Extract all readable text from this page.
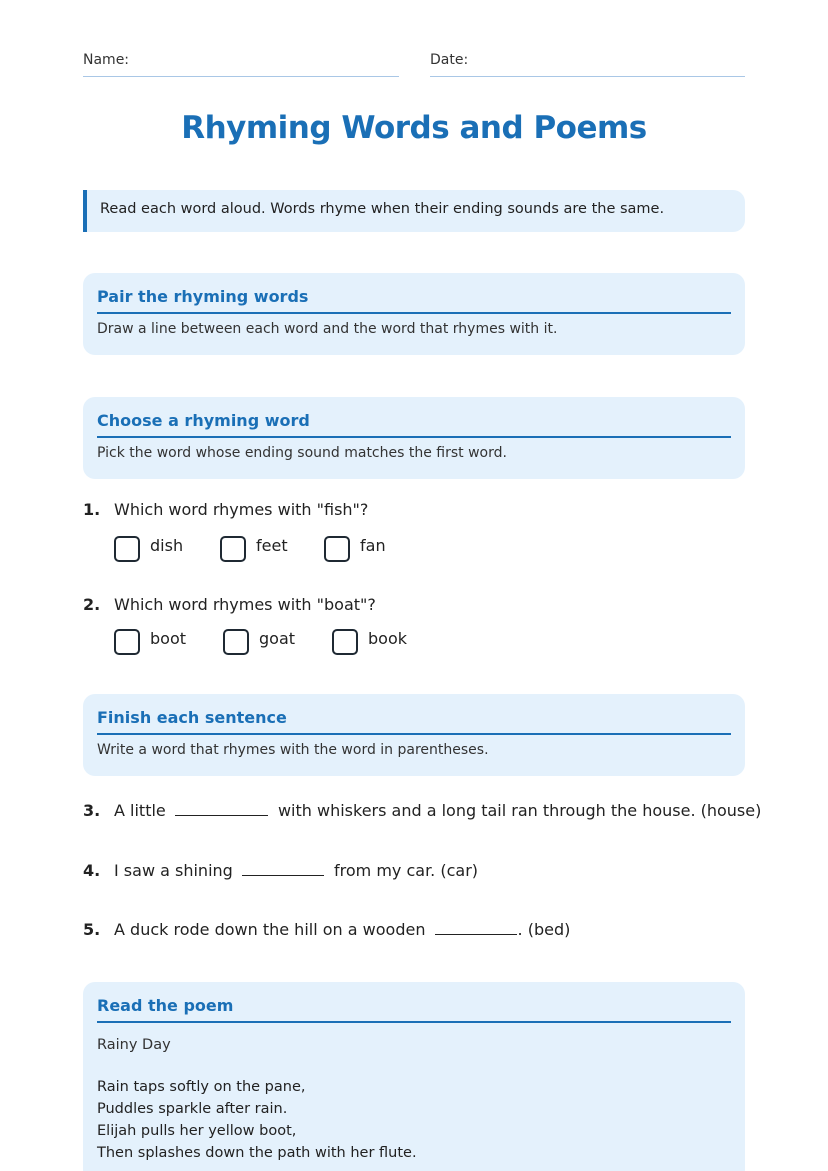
Name:	Date:
Rhyming Words and Poems
Read each word aloud. Words rhyme when their ending sounds are the same.
Pair the rhyming words
Draw a line between each word and the word that rhymes with it.
Choose a rhyming word
Pick the word whose ending sound matches the first word.
1. Which word rhymes with "fish"?
dish	feet	fan
2. Which word rhymes with "boat"?
boot	goat	book
Finish each sentence
Write a word that rhymes with the word in parentheses.
3. A little	with whiskers and a long tail ran through the house. (house)
4. I saw a shining	from my car. (car)
5. A duck rode down the hill on a wooden	. (bed)
Read the poem
Rainy Day
Rain taps softly on the pane,
Puddles sparkle after rain.
Elijah pulls her yellow boot,
Then splashes down the path with her flute.
